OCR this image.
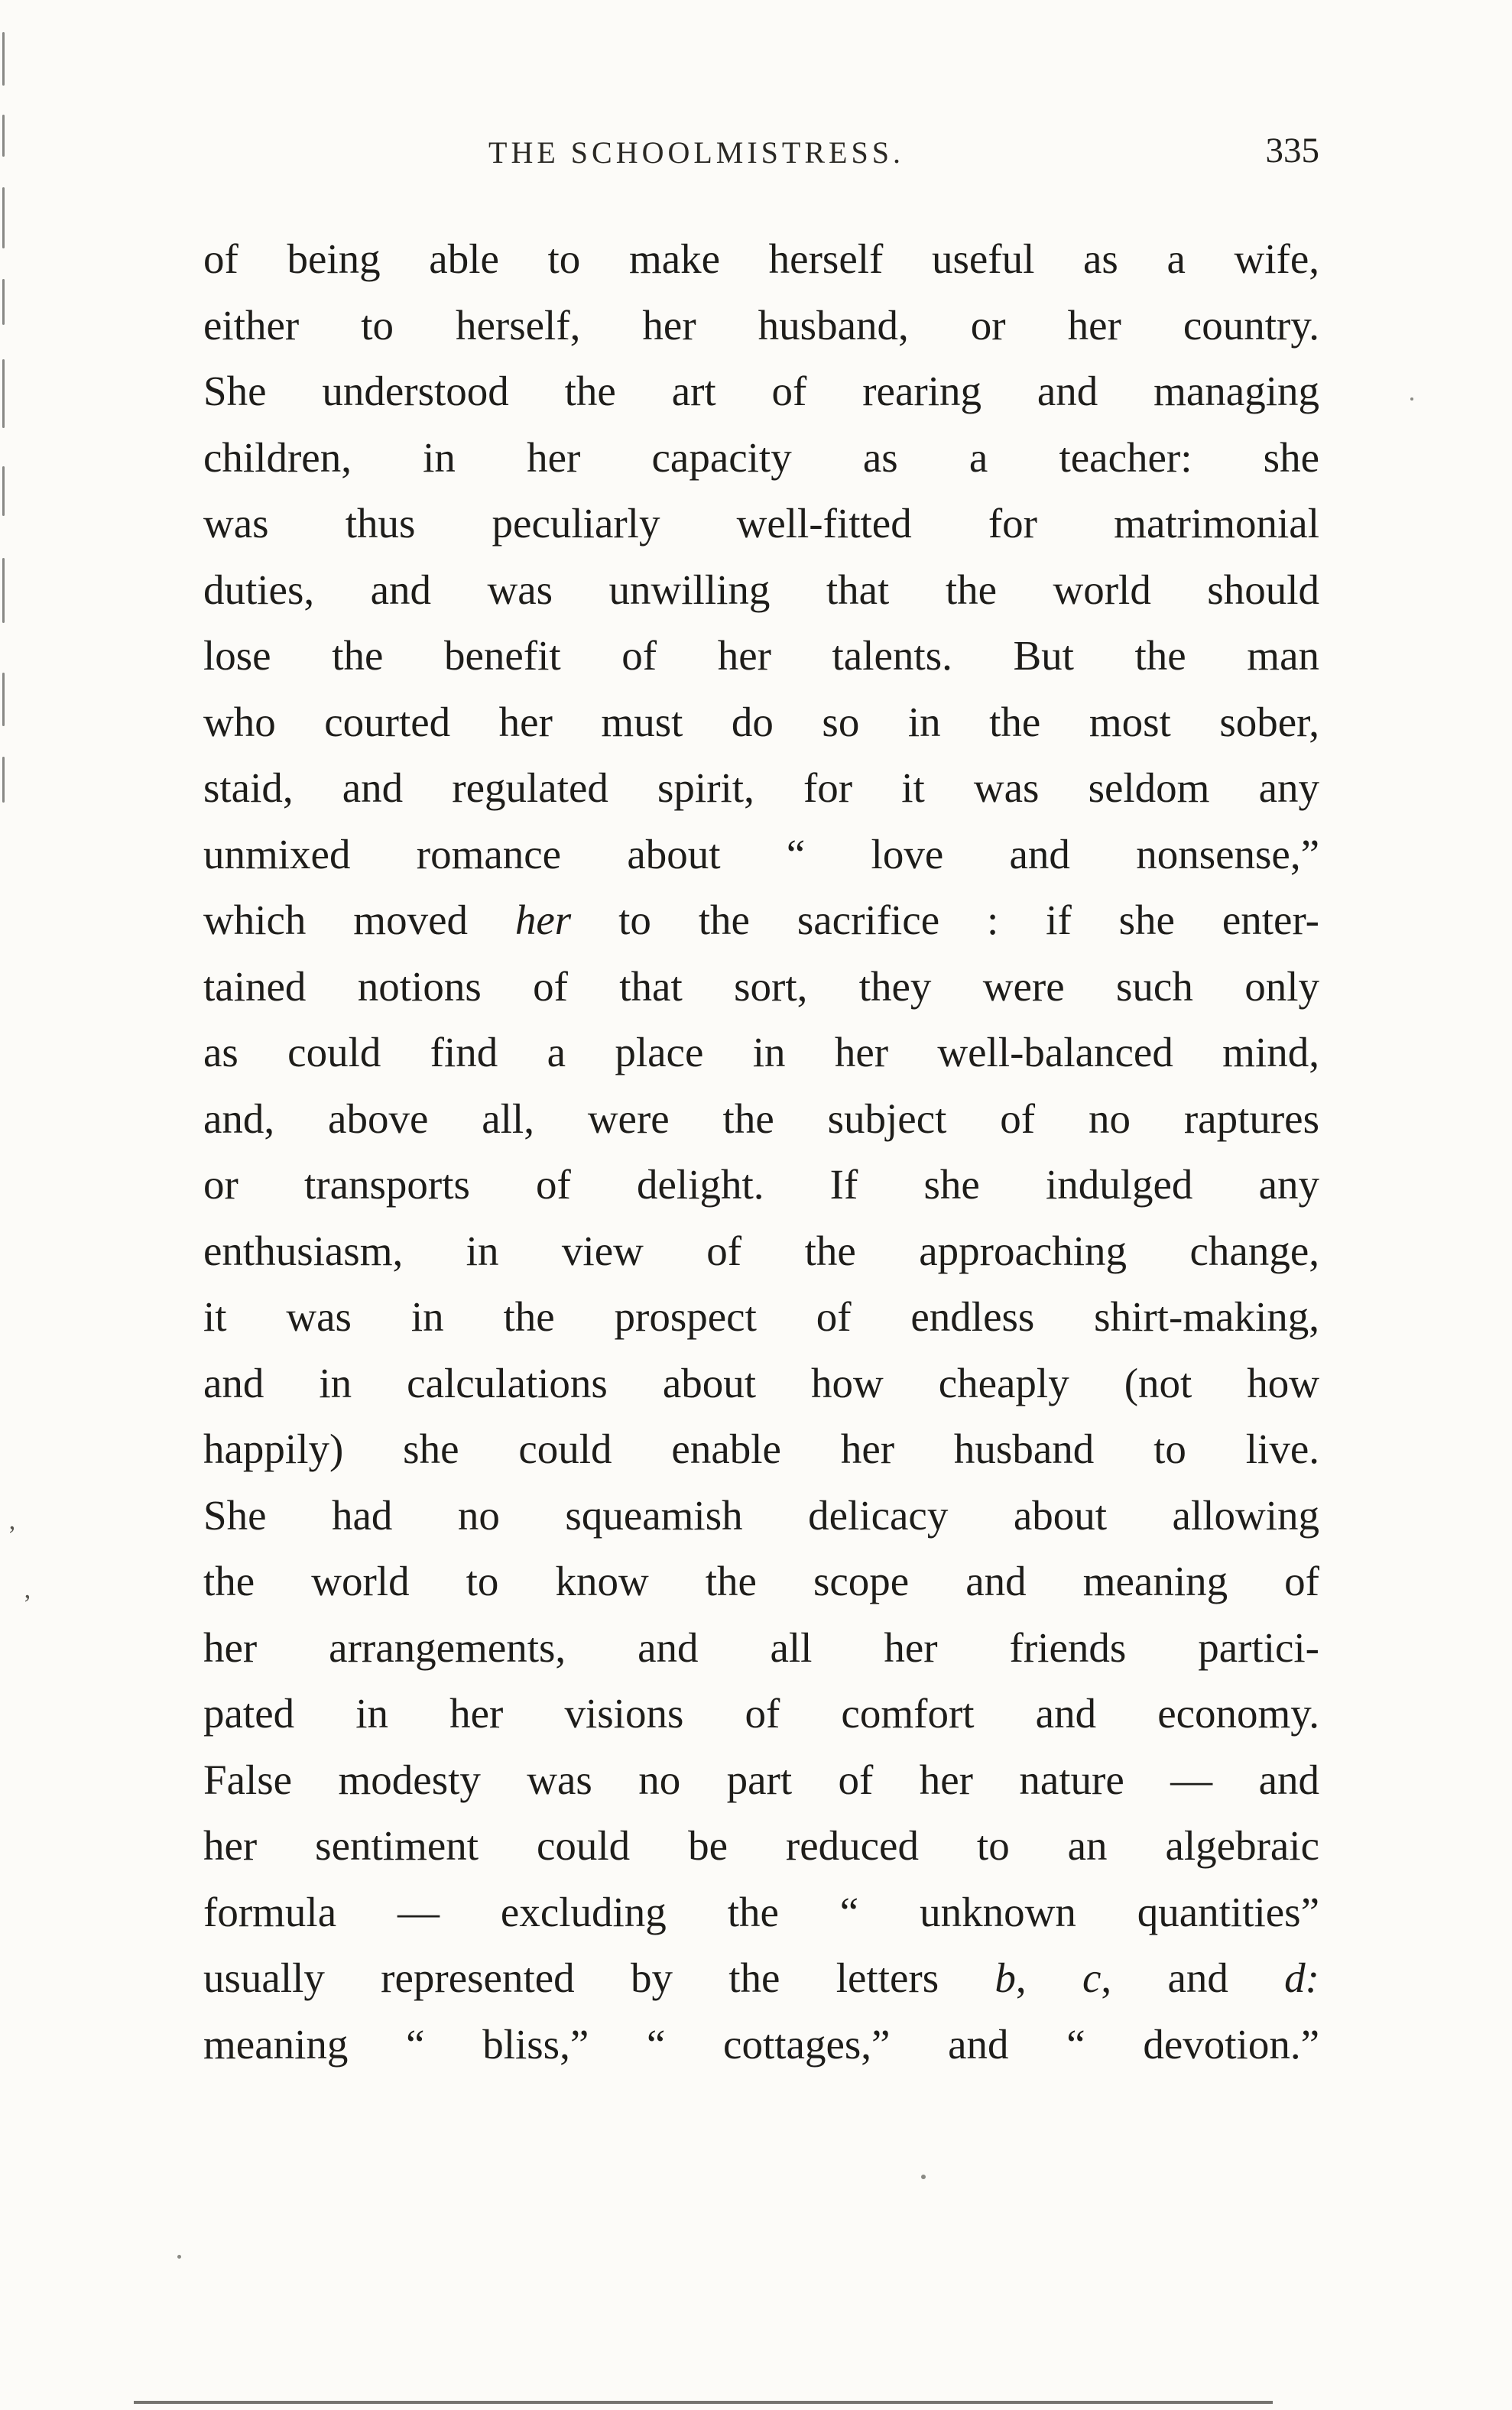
’
’
THE SCHOOLMISTRESS.	335
of being able to make herself useful as a wife,
either to herself, her husband, or her country.
She understood the art of rearing and managing
children, in her capacity as a teacher: she
was thus peculiarly well-fitted for matrimonial
duties, and was unwilling that the world should
lose the benefit of her talents. But the man
who courted her must do so in the most sober,
staid, and regulated spirit, for it was seldom any
unmixed romance about “ love and nonsense,”
which moved her to the sacrifice : if she enter-
tained notions of that sort, they were such only
as could find a place in her well-balanced mind,
and, above all, were the subject of no raptures
or transports of delight. If she indulged any
enthusiasm, in view of the approaching change,
it was in the prospect of endless shirt-making,
and in calculations about how cheaply (not how
happily) she could enable her husband to live.
She had no squeamish delicacy about allowing
the world to know the scope and meaning of
her arrangements, and all her friends partici-
pated in her visions of comfort and economy.
False modesty was no part of her nature — and
her sentiment could be reduced to an algebraic
formula — excluding the “ unknown quantities”
usually represented by the letters b, c, and d:
meaning “ bliss,” “ cottages,” and “ devotion.”
